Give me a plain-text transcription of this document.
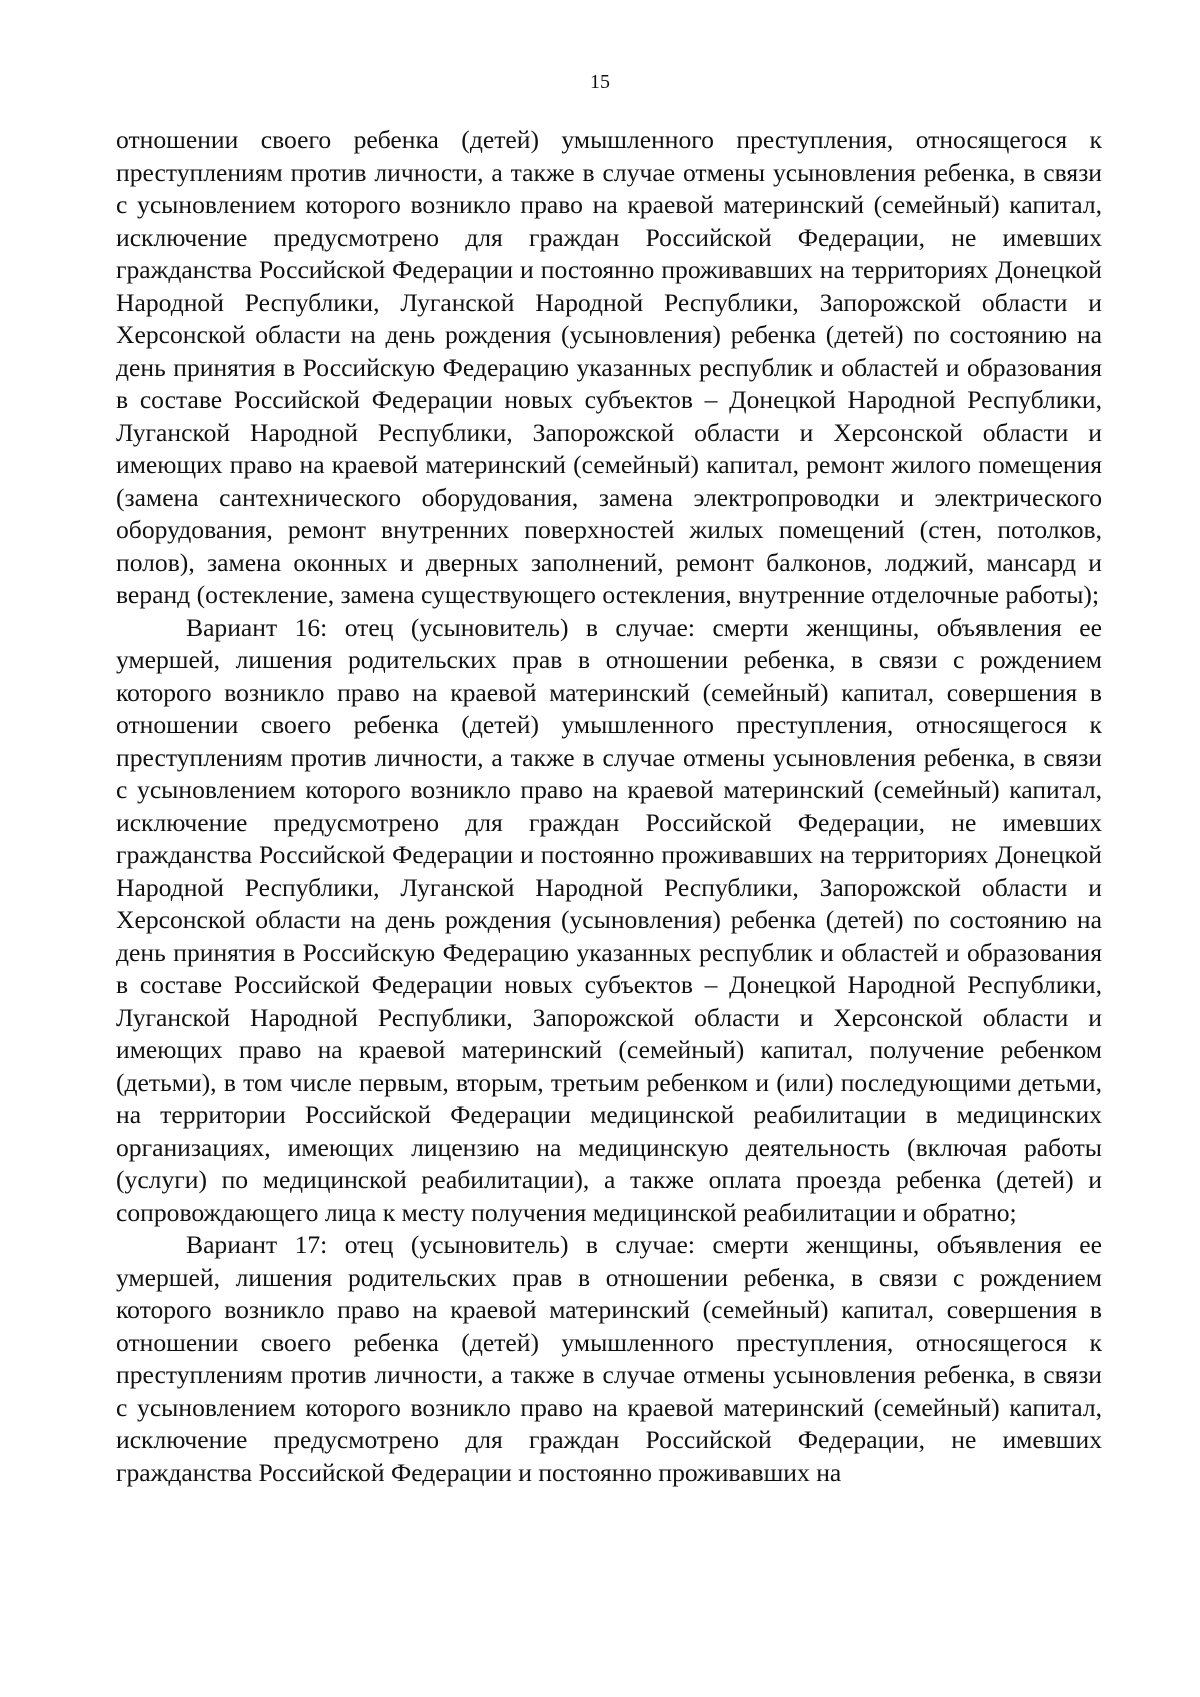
15

отношении своего ребенка (детей) умышленного преступления, относящегося к преступлениям против личности, а также в случае отмены усыновления ребенка, в связи с усыновлением которого возникло право на краевой материнский (семейный) капитал, исключение предусмотрено для граждан Российской Федерации, не имевших гражданства Российской Федерации и постоянно проживавших на территориях Донецкой Народной Республики, Луганской Народной Республики, Запорожской области и Херсонской области на день рождения (усыновления) ребенка (детей) по состоянию на день принятия в Российскую Федерацию указанных республик и областей и образования в составе Российской Федерации новых субъектов – Донецкой Народной Республики, Луганской Народной Республики, Запорожской области и Херсонской области и имеющих право на краевой материнский (семейный) капитал, ремонт жилого помещения (замена сантехнического оборудования, замена электропроводки и электрического оборудования, ремонт внутренних поверхностей жилых помещений (стен, потолков, полов), замена оконных и дверных заполнений, ремонт балконов, лоджий, мансард и веранд (остекление, замена существующего остекления, внутренние отделочные работы);

Вариант 16: отец (усыновитель) в случае: смерти женщины, объявления ее умершей, лишения родительских прав в отношении ребенка, в связи с рождением которого возникло право на краевой материнский (семейный) капитал, совершения в отношении своего ребенка (детей) умышленного преступления, относящегося к преступлениям против личности, а также в случае отмены усыновления ребенка, в связи с усыновлением которого возникло право на краевой материнский (семейный) капитал, исключение предусмотрено для граждан Российской Федерации, не имевших гражданства Российской Федерации и постоянно проживавших на территориях Донецкой Народной Республики, Луганской Народной Республики, Запорожской области и Херсонской области на день рождения (усыновления) ребенка (детей) по состоянию на день принятия в Российскую Федерацию указанных республик и областей и образования в составе Российской Федерации новых субъектов – Донецкой Народной Республики, Луганской Народной Республики, Запорожской области и Херсонской области и имеющих право на краевой материнский (семейный) капитал, получение ребенком (детьми), в том числе первым, вторым, третьим ребенком и (или) последующими детьми, на территории Российской Федерации медицинской реабилитации в медицинских организациях, имеющих лицензию на медицинскую деятельность (включая работы (услуги) по медицинской реабилитации), а также оплата проезда ребенка (детей) и сопровождающего лица к месту получения медицинской реабилитации и обратно;

Вариант 17: отец (усыновитель) в случае: смерти женщины, объявления ее умершей, лишения родительских прав в отношении ребенка, в связи с рождением которого возникло право на краевой материнский (семейный) капитал, совершения в отношении своего ребенка (детей) умышленного преступления, относящегося к преступлениям против личности, а также в случае отмены усыновления ребенка, в связи с усыновлением которого возникло право на краевой материнский (семейный) капитал, исключение предусмотрено для граждан Российской Федерации, не имевших гражданства Российской Федерации и постоянно проживавших на
